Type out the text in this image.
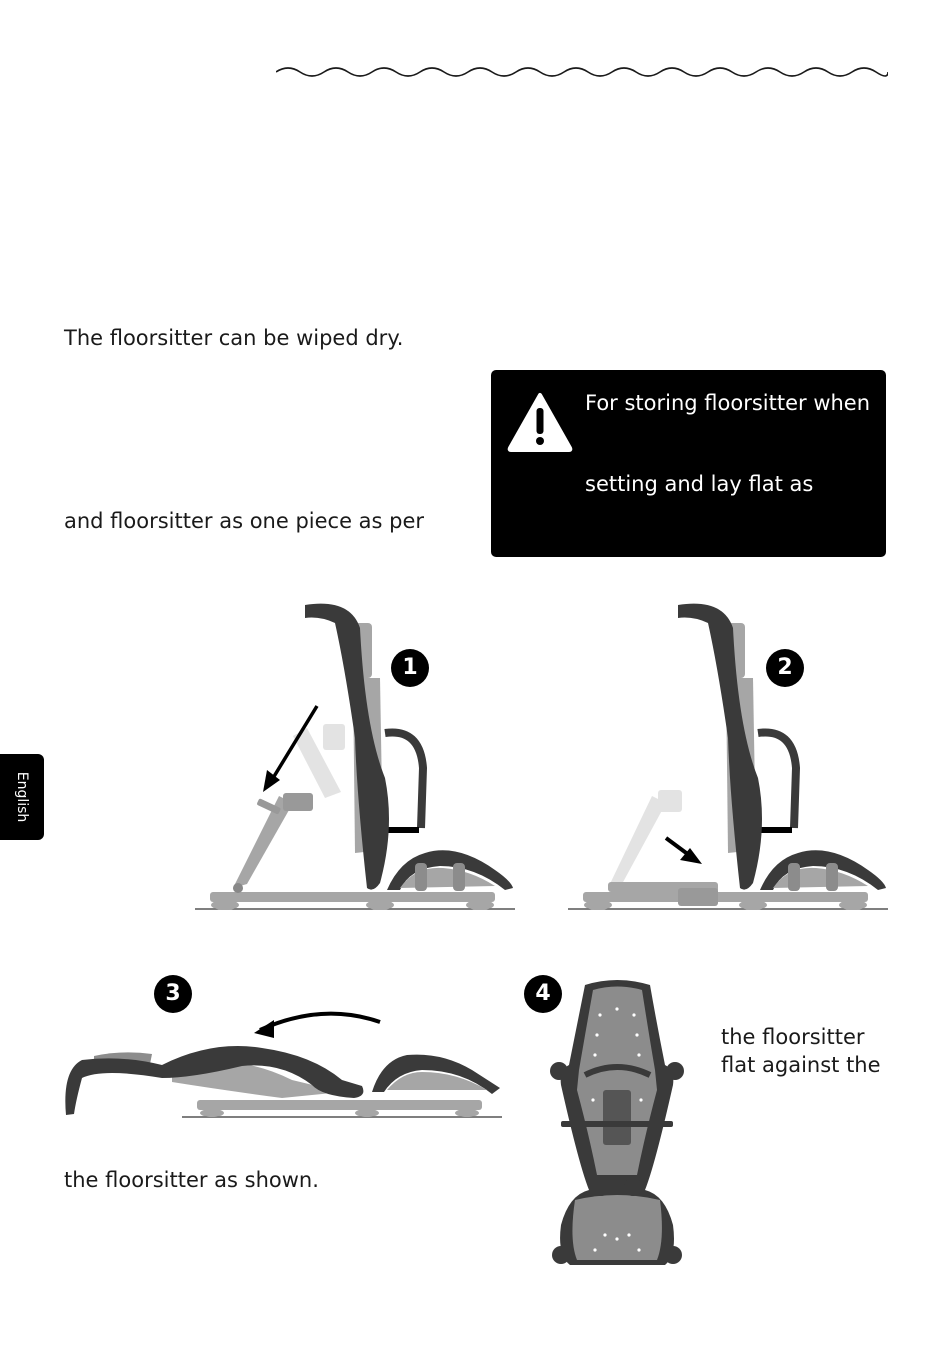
The floorsitter can be wiped dry.
and floorsitter as one piece as per
the floorsitter as shown.
the floorsitter
flat against the
For storing floorsitter when
setting and lay flat as
English
1	2
3	4
